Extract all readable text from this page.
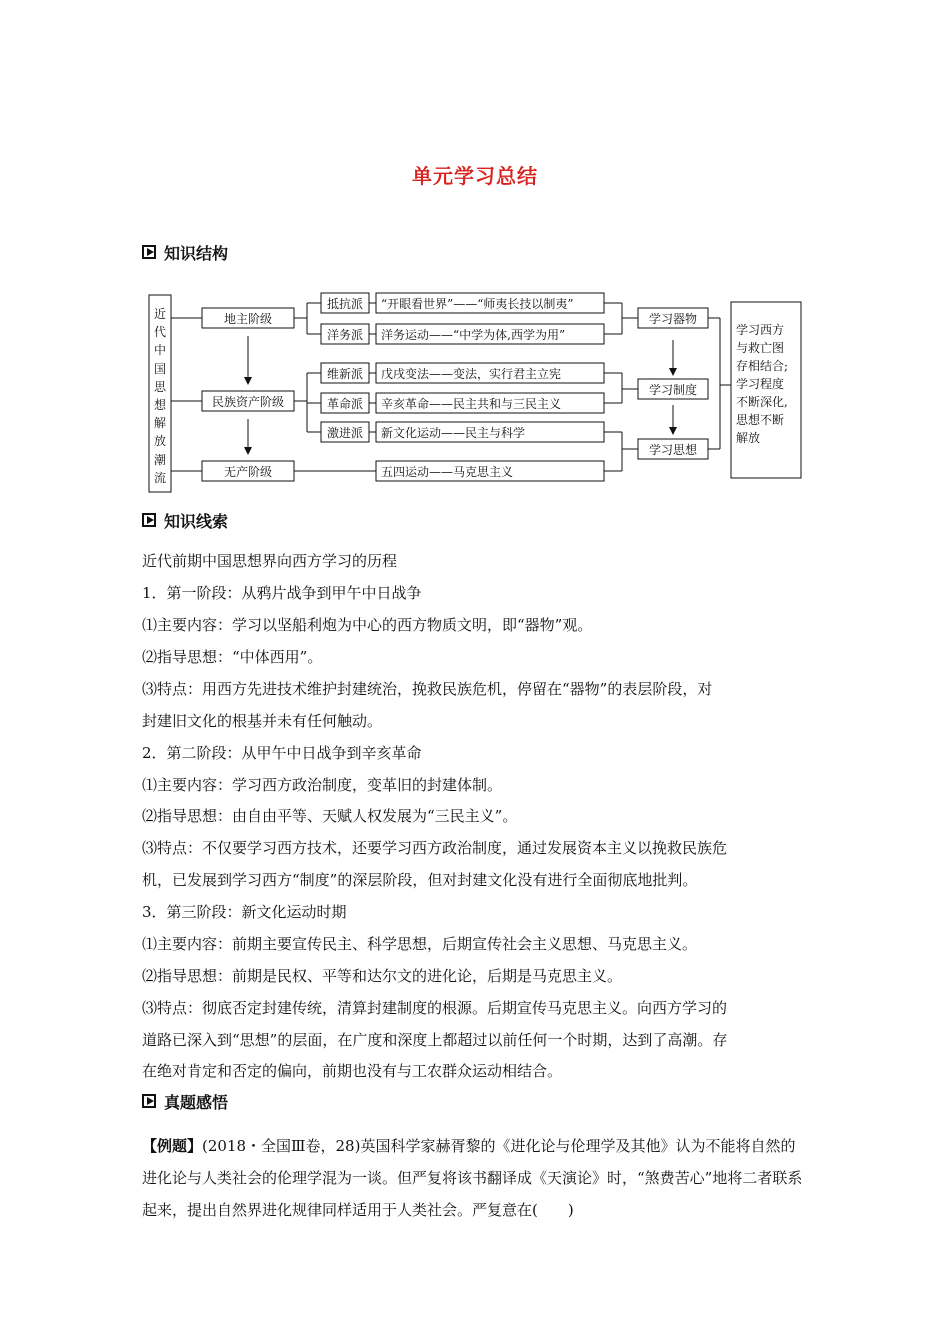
单元学习总结
知识结构
近
代
中
国
思
想
解
放
潮
流
地主阶级
民族资产阶级
无产阶级
抵抗派
洋务派
维新派
革命派
激进派
“开眼看世界”——“师夷长技以制夷”
洋务运动——“中学为体,西学为用”
戊戌变法——变法，实行君主立宪
辛亥革命——民主共和与三民主义
新文化运动——民主与科学
五四运动——马克思主义
学习器物
学习制度
学习思想
学习西方
与救亡图
存相结合;
学习程度
不断深化,
思想不断
解放
知识线索
近代前期中国思想界向西方学习的历程
1．第一阶段：从鸦片战争到甲午中日战争
⑴主要内容：学习以坚船利炮为中心的西方物质文明，即“器物”观。
⑵指导思想：“中体西用”。
⑶特点：用西方先进技术维护封建统治，挽救民族危机，停留在“器物”的表层阶段，对
封建旧文化的根基并未有任何触动。
2．第二阶段：从甲午中日战争到辛亥革命
⑴主要内容：学习西方政治制度，变革旧的封建体制。
⑵指导思想：由自由平等、天赋人权发展为“三民主义”。
⑶特点：不仅要学习西方技术，还要学习西方政治制度，通过发展资本主义以挽救民族危
机，已发展到学习西方“制度”的深层阶段，但对封建文化没有进行全面彻底地批判。
3．第三阶段：新文化运动时期
⑴主要内容：前期主要宣传民主、科学思想，后期宣传社会主义思想、马克思主义。
⑵指导思想：前期是民权、平等和达尔文的进化论，后期是马克思主义。
⑶特点：彻底否定封建传统，清算封建制度的根源。后期宣传马克思主义。向西方学习的
道路已深入到“思想”的层面，在广度和深度上都超过以前任何一个时期，达到了高潮。存
在绝对肯定和否定的偏向，前期也没有与工农群众运动相结合。
真题感悟
【例题】(2018・全国Ⅲ卷，28)英国科学家赫胥黎的《进化论与伦理学及其他》认为不能将自然的进化论与人类社会的伦理学混为一谈。但严复将该书翻译成《天演论》时，“煞费苦心”地将二者联系起来，提出自然界进化规律同样适用于人类社会。严复意在(　　)
